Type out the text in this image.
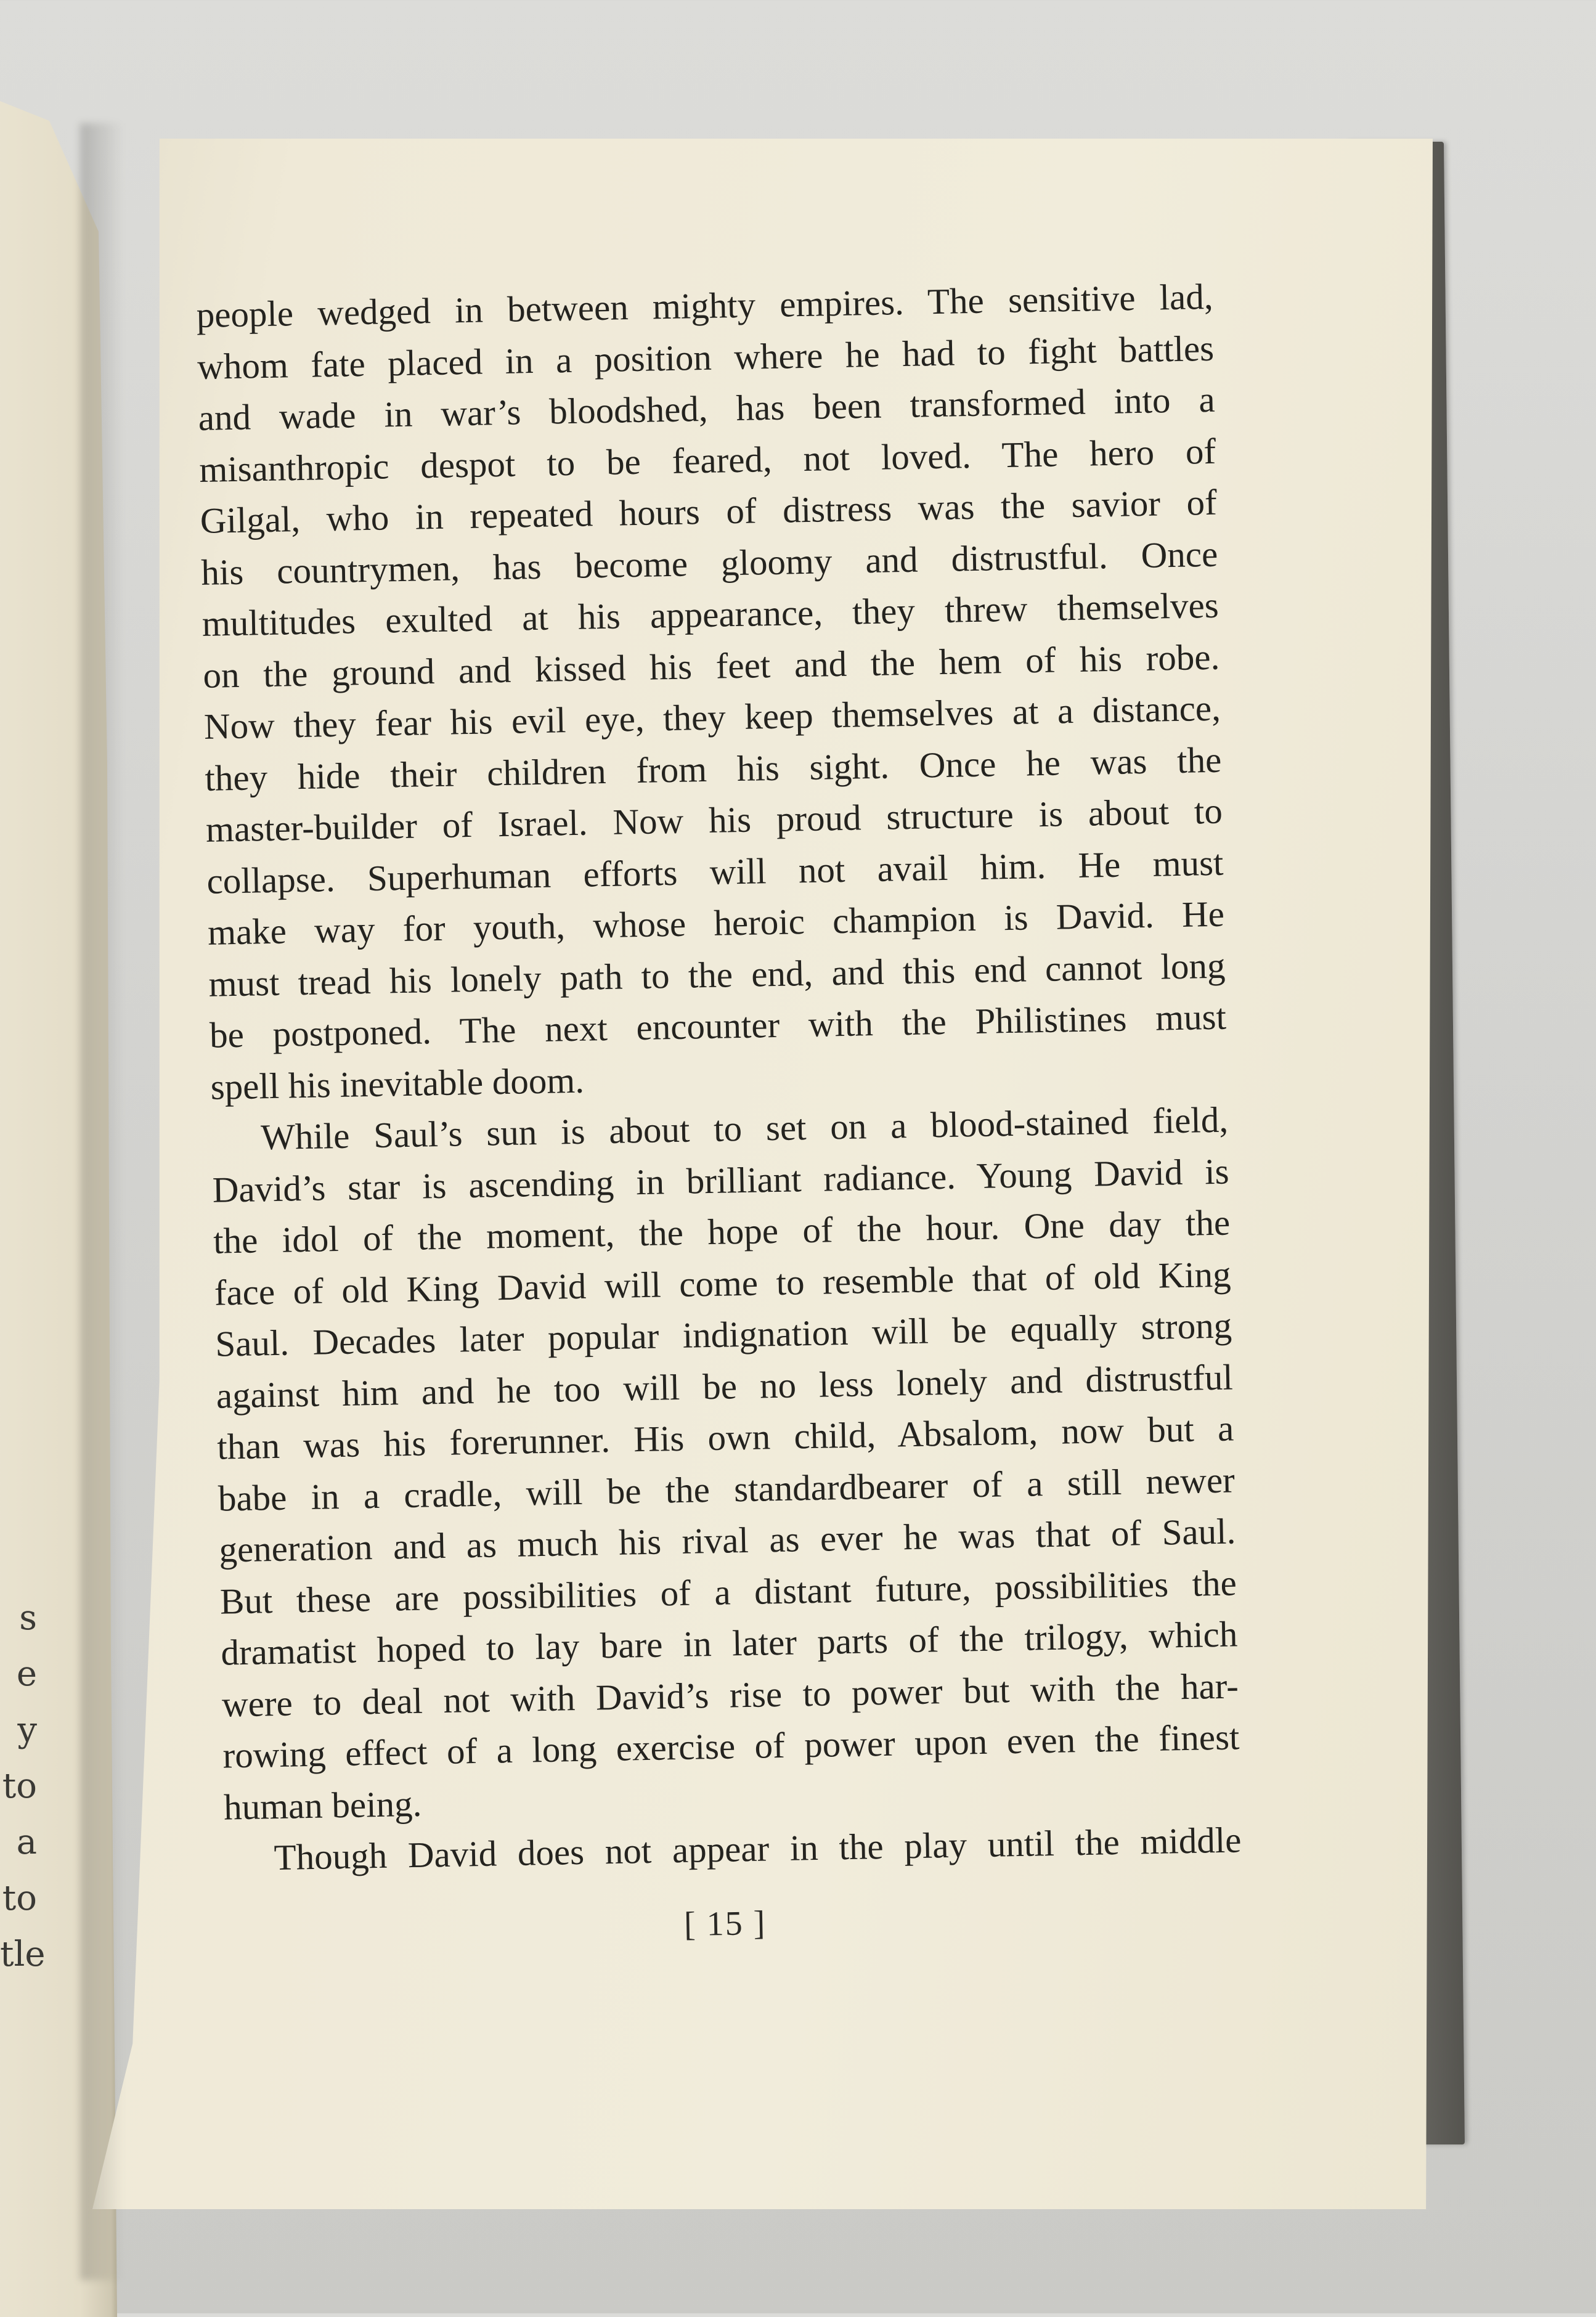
s
e
y
to
a
to
tle

people wedged in between mighty empires. The sensitive lad,
whom fate placed in a position where he had to fight battles
and wade in war’s bloodshed, has been transformed into a
misanthropic despot to be feared, not loved. The hero of
Gilgal, who in repeated hours of distress was the savior of
his countrymen, has become gloomy and distrustful. Once
multitudes exulted at his appearance, they threw themselves
on the ground and kissed his feet and the hem of his robe.
Now they fear his evil eye, they keep themselves at a distance,
they hide their children from his sight. Once he was the
master-builder of Israel. Now his proud structure is about to
collapse. Superhuman efforts will not avail him. He must
make way for youth, whose heroic champion is David. He
must tread his lonely path to the end, and this end cannot long
be postponed. The next encounter with the Philistines must
spell his inevitable doom.

While Saul’s sun is about to set on a blood-stained field,
David’s star is ascending in brilliant radiance. Young David is
the idol of the moment, the hope of the hour. One day the
face of old King David will come to resemble that of old King
Saul. Decades later popular indignation will be equally strong
against him and he too will be no less lonely and distrustful
than was his forerunner. His own child, Absalom, now but a
babe in a cradle, will be the standardbearer of a still newer
generation and as much his rival as ever he was that of Saul.
But these are possibilities of a distant future, possibilities the
dramatist hoped to lay bare in later parts of the trilogy, which
were to deal not with David’s rise to power but with the har-
rowing effect of a long exercise of power upon even the finest
human being.

Though David does not appear in the play until the middle

[ 15 ]
